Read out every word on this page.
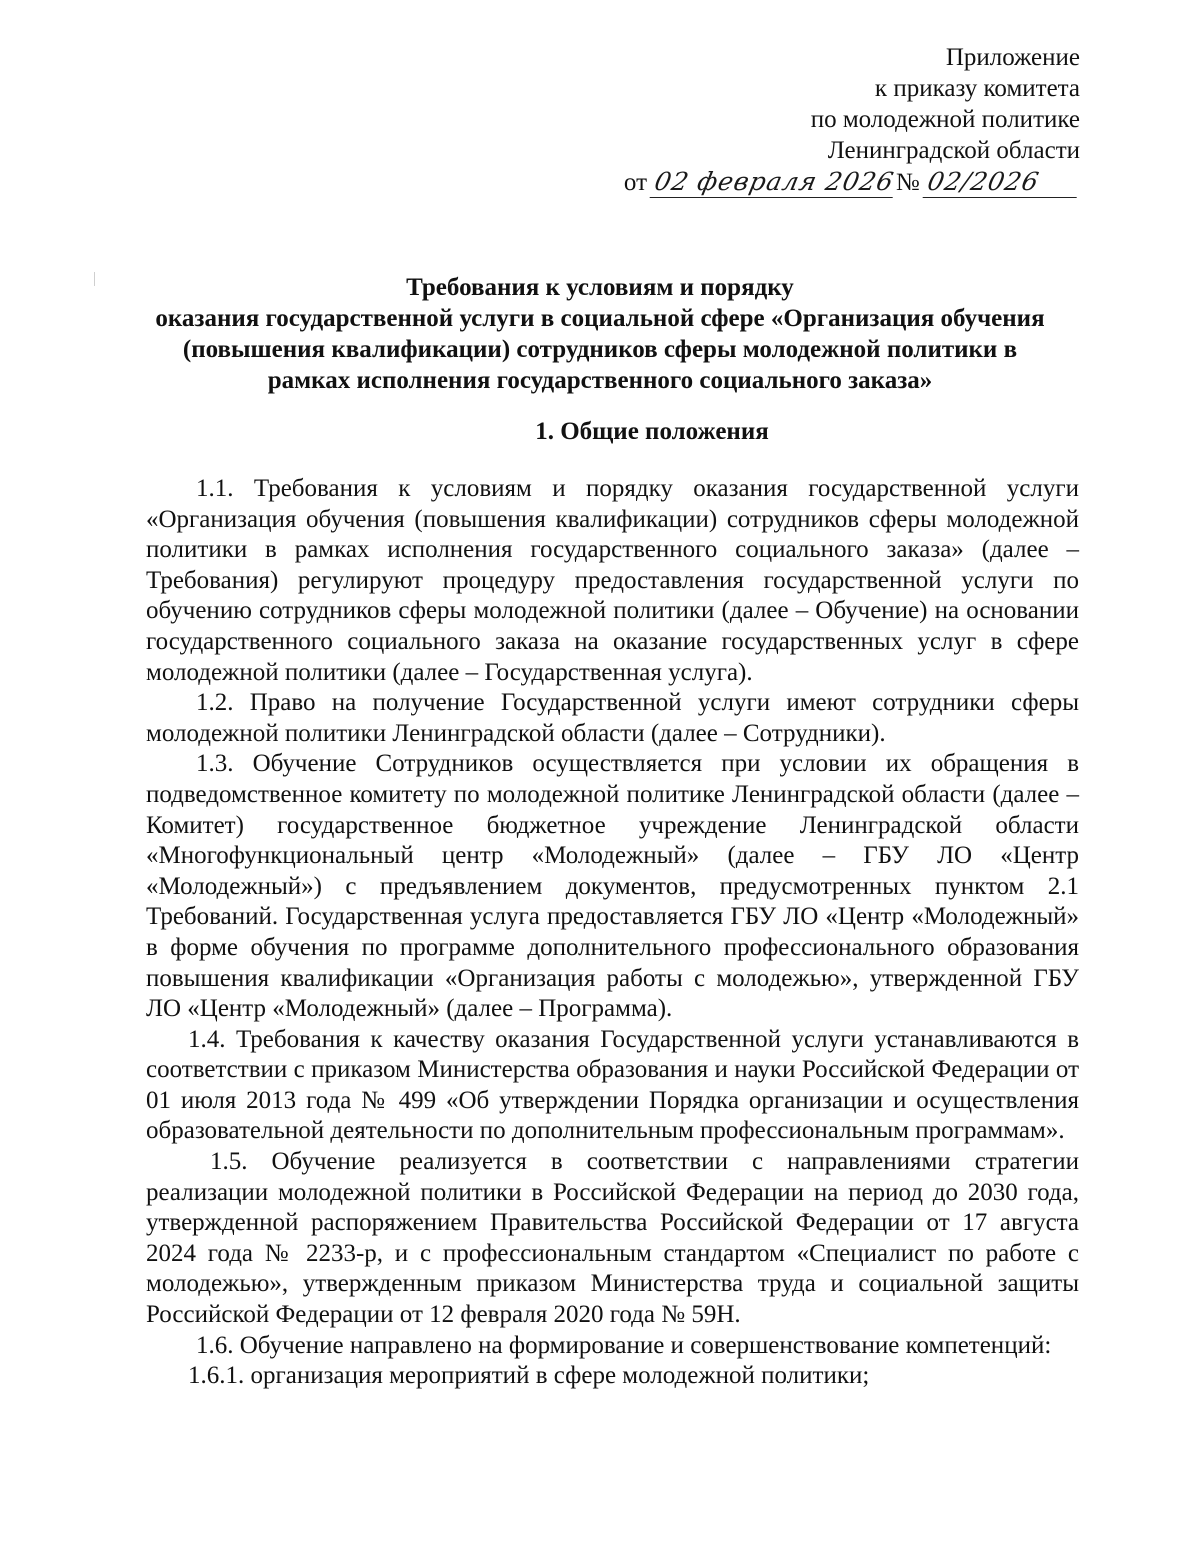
Приложение
к приказу комитета
по молодежной политике
Ленинградской области
от 02 февраля 2026№ 02/2026
Требования к условиям и порядку
оказания государственной услуги в социальной сфере «Организация обучения
(повышения квалификации) сотрудников сферы молодежной политики в
рамках исполнения государственного социального заказа»
1. Общие положения

1.1. Требования к условиям и порядку оказания государственной услуги «Организация обучения (повышения квалификации) сотрудников сферы молодежной политики в рамках исполнения государственного социального заказа» (далее – Требования) регулируют процедуру предоставления государственной услуги по обучению сотрудников сферы молодежной политики (далее – Обучение) на основании государственного социального заказа на оказание государственных услуг в сфере молодежной политики (далее – Государственная услуга).

1.2. Право на получение Государственной услуги имеют сотрудники сферы молодежной политики Ленинградской области (далее – Сотрудники).

1.3. Обучение Сотрудников осуществляется при условии их обращения в подведомственное комитету по молодежной политике Ленинградской области (далее – Комитет) государственное бюджетное учреждение Ленинградской области «Многофункциональный центр «Молодежный» (далее – ГБУ ЛО «Центр «Молодежный») с предъявлением документов, предусмотренных пунктом 2.1 Требований. Государственная услуга предоставляется ГБУ ЛО «Центр «Молодежный» в форме обучения по программе дополнительного профессионального образования повышения квалификации «Организация работы с молодежью», утвержденной ГБУ ЛО «Центр «Молодежный» (далее – Программа).

1.4. Требования к качеству оказания Государственной услуги устанавливаются в соответствии с приказом Министерства образования и науки Российской Федерации от 01 июля 2013 года № 499 «Об утверждении Порядка организации и осуществления образовательной деятельности по дополнительным профессиональным программам».

1.5. Обучение реализуется в соответствии с направлениями стратегии реализации молодежной политики в Российской Федерации на период до 2030 года, утвержденной распоряжением Правительства Российской Федерации от 17 августа 2024 года № 2233-р, и с профессиональным стандартом «Специалист по работе с молодежью», утвержденным приказом Министерства труда и социальной защиты Российской Федерации от 12 февраля 2020 года № 59Н.

1.6. Обучение направлено на формирование и совершенствование компетенций:

1.6.1. организация мероприятий в сфере молодежной политики;
